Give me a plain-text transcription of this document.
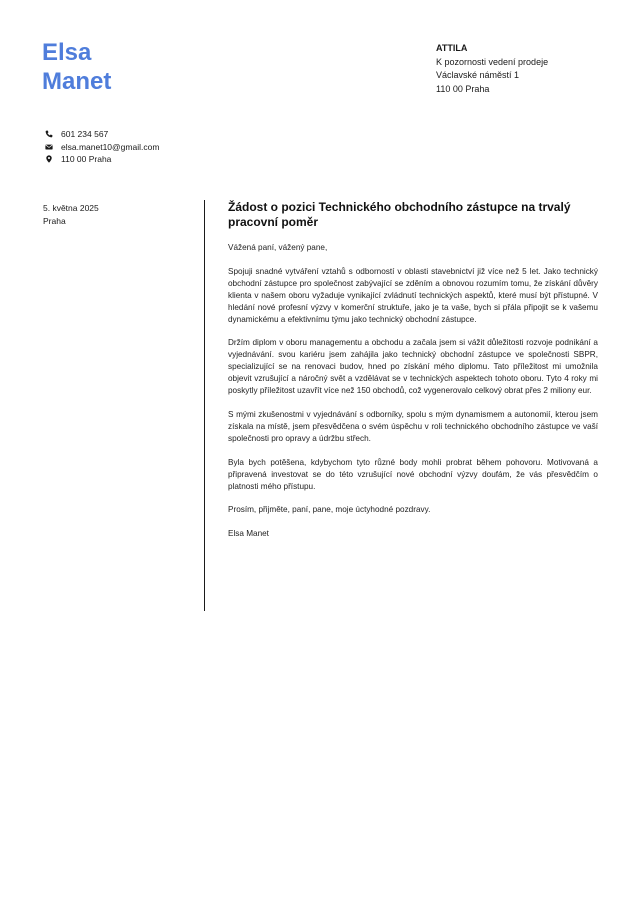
Elsa
Manet
ATTILA
K pozornosti vedení prodeje
Václavské náměstí 1
110 00 Praha
601 234 567
elsa.manet10@gmail.com
110 00 Praha
5. května 2025
Praha
Žádost o pozici Technického obchodního zástupce na trvalý pracovní poměr

Vážená paní, vážený pane,

Spojuji snadné vytváření vztahů s odborností v oblasti stavebnictví již více než 5 let. Jako technický obchodní zástupce pro společnost zabývající se zděním a obnovou rozumím tomu, že získání důvěry klienta v našem oboru vyžaduje vynikající zvládnutí technických aspektů, které musí být přístupné. V hledání nové profesní výzvy v komerční struktuře, jako je ta vaše, bych si přála připojit se k vašemu dynamickému a efektivnímu týmu jako technický obchodní zástupce.

Držím diplom v oboru managementu a obchodu a začala jsem si vážit důležitosti rozvoje podnikání a vyjednávání. svou kariéru jsem zahájila jako technický obchodní zástupce ve společnosti SBPR, specializující se na renovaci budov, hned po získání mého diplomu. Tato příležitost mi umožnila objevit vzrušující a náročný svět a vzdělávat se v technických aspektech tohoto oboru. Tyto 4 roky mi poskytly příležitost uzavřít více než 150 obchodů, což vygenerovalo celkový obrat přes 2 miliony eur.

S mými zkušenostmi v vyjednávání s odborníky, spolu s mým dynamismem a autonomií, kterou jsem získala na místě, jsem přesvědčena o svém úspěchu v roli technického obchodního zástupce ve vaší společnosti pro opravy a údržbu střech.

Byla bych potěšena, kdybychom tyto různé body mohli probrat během pohovoru. Motivovaná a připravená investovat se do této vzrušující nové obchodní výzvy doufám, že vás přesvědčím o platnosti mého přístupu.

Prosím, přijměte, paní, pane, moje úctyhodné pozdravy.

Elsa Manet
